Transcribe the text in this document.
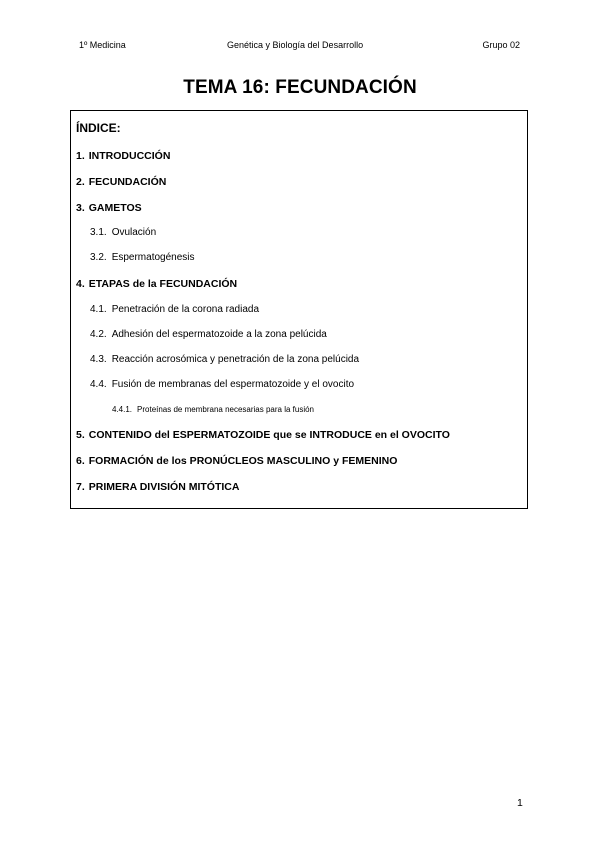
1º Medicina	Genética y Biología del Desarrollo	Grupo 02
TEMA 16: FECUNDACIÓN
ÍNDICE:
1. INTRODUCCIÓN
2. FECUNDACIÓN
3. GAMETOS
3.1. Ovulación
3.2. Espermatogénesis
4. ETAPAS de la FECUNDACIÓN
4.1. Penetración de la corona radiada
4.2. Adhesión del espermatozoide a la zona pelúcida
4.3. Reacción acrosómica y penetración de la zona pelúcida
4.4. Fusión de membranas del espermatozoide y el ovocito
4.4.1. Proteínas de membrana necesarias para la fusión
5. CONTENIDO del ESPERMATOZOIDE que se INTRODUCE en el OVOCITO
6. FORMACIÓN de los PRONÚCLEOS MASCULINO y FEMENINO
7. PRIMERA DIVISIÓN MITÓTICA
1
